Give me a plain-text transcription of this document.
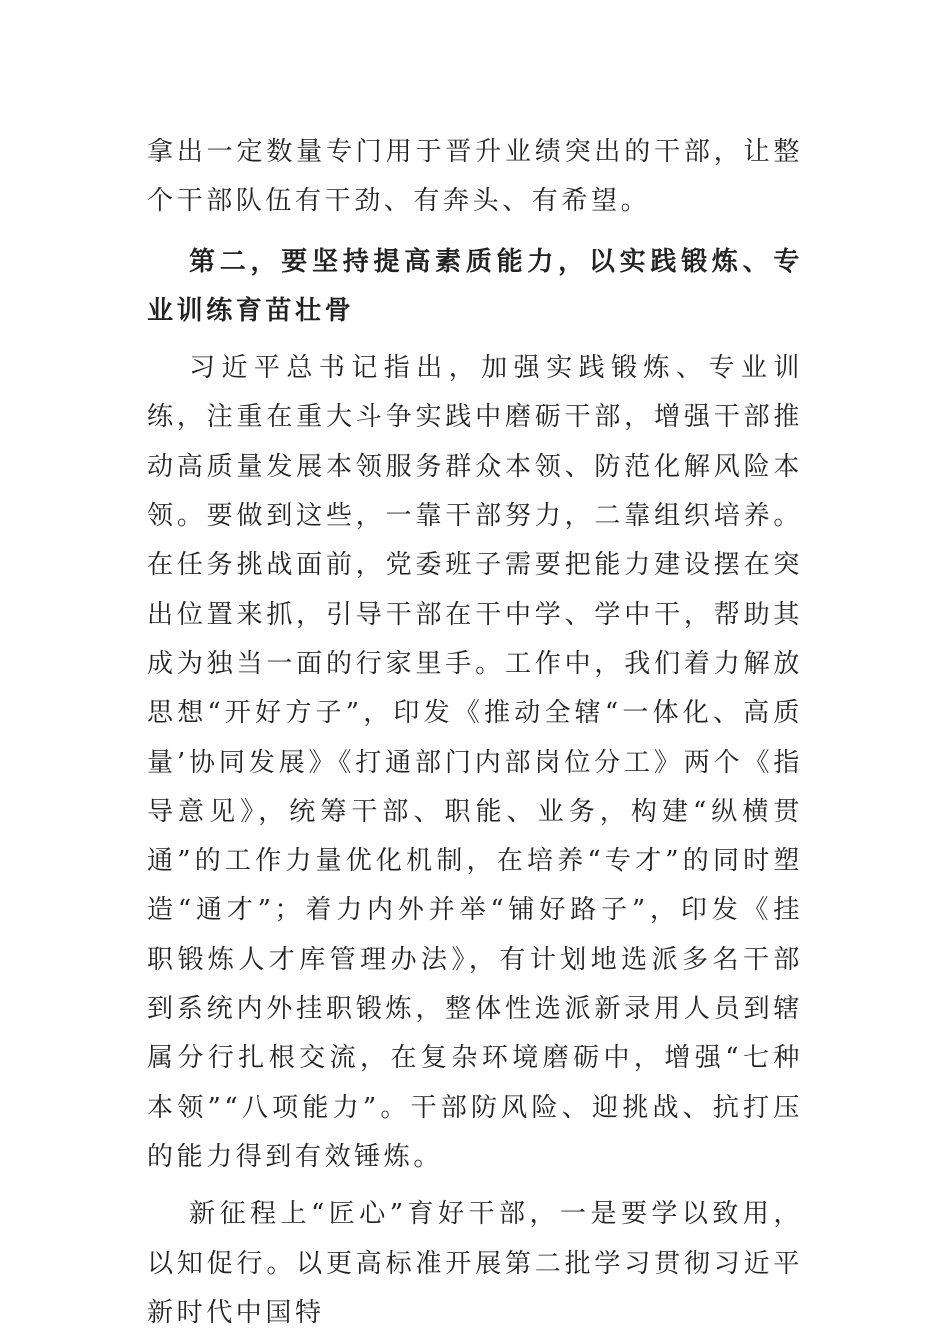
拿出一定数量专门用于晋升业绩突出的干部，让整个干部队伍有干劲、有奔头、有希望。

第二，要坚持提高素质能力，以实践锻炼、专业训练育苗壮骨

习近平总书记指出，加强实践锻炼、专业训练，注重在重大斗争实践中磨砺干部，增强干部推动高质量发展本领服务群众本领、防范化解风险本领。要做到这些，一靠干部努力，二靠组织培养。在任务挑战面前，党委班子需要把能力建设摆在突出位置来抓，引导干部在干中学、学中干，帮助其成为独当一面的行家里手。工作中，我们着力解放思想“开好方子”，印发《推动全辖“一体化、高质量’协同发展》《打通部门内部岗位分工》两个《指导意见》，统筹干部、职能、业务，构建“纵横贯通”的工作力量优化机制，在培养“专才”的同时塑造“通才”；着力内外并举“铺好路子”，印发《挂职锻炼人才库管理办法》，有计划地选派多名干部到系统内外挂职锻炼，整体性选派新录用人员到辖属分行扎根交流，在复杂环境磨砺中，增强“七种本领”“八项能力”。干部防风险、迎挑战、抗打压的能力得到有效锤炼。

新征程上“匠心”育好干部，一是要学以致用，以知促行。以更高标准开展第二批学习贯彻习近平新时代中国特
